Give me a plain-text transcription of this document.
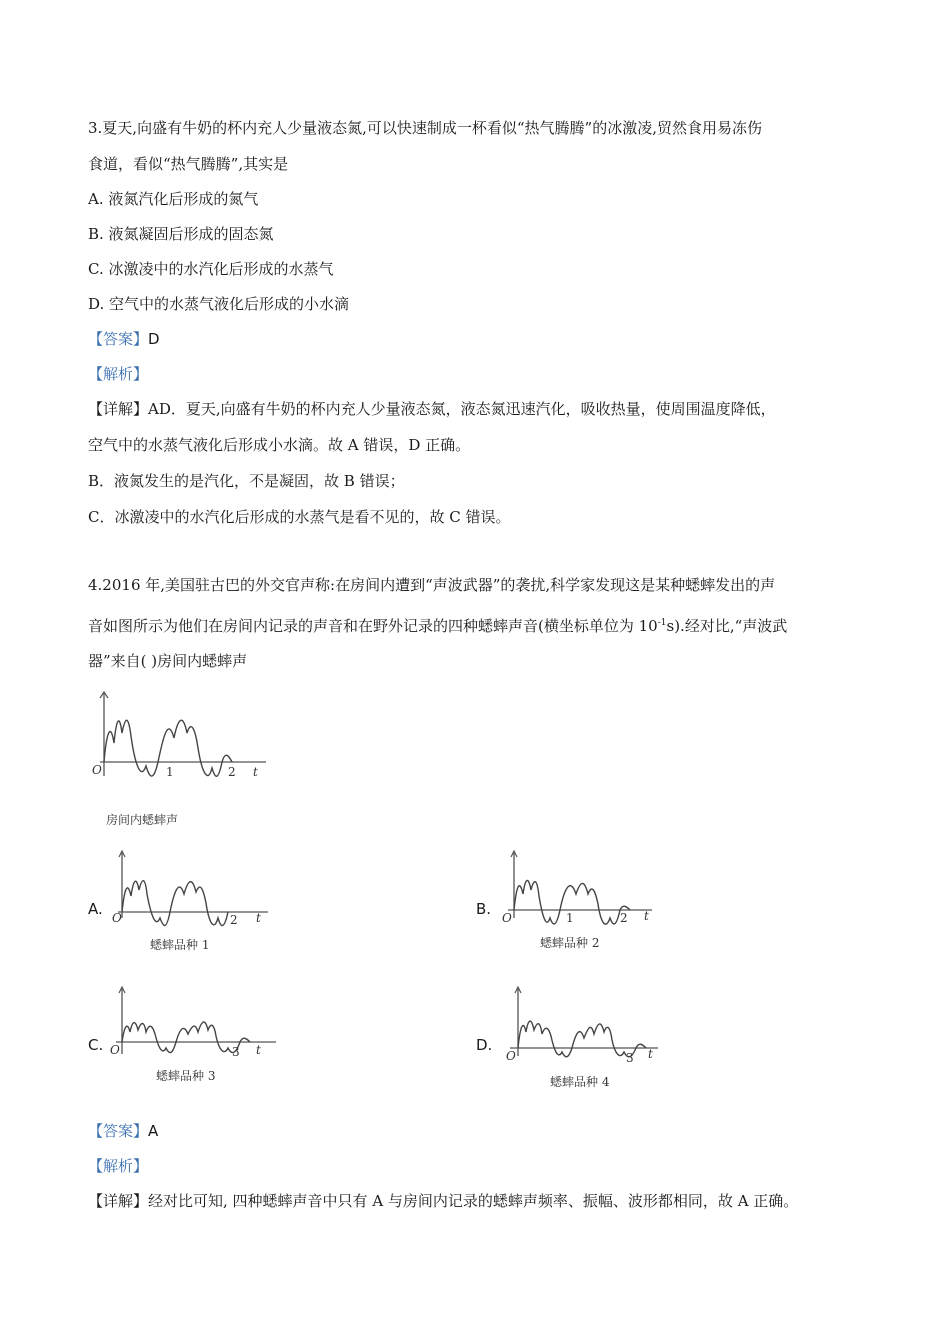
3.夏天,向盛有牛奶的杯内充人少量液态氮,可以快速制成一杯看似“热气腾腾”的冰激凌,贸然食用易冻伤
食道，看似“热气腾腾”,其实是
A. 液氮汽化后形成的氮气
B. 液氮凝固后形成的固态氮
C. 冰激凌中的水汽化后形成的水蒸气
D. 空气中的水蒸气液化后形成的小水滴
【答案】D
【解析】
【详解】AD．夏天,向盛有牛奶的杯内充人少量液态氮，液态氮迅速汽化，吸收热量，使周围温度降低，
空气中的水蒸气液化后形成小水滴。故 A 错误，D 正确。
B．液氮发生的是汽化，不是凝固，故 B 错误；
C．冰激凌中的水汽化后形成的水蒸气是看不见的，故 C 错误。
4.2016 年,美国驻古巴的外交官声称:在房间内遭到“声波武器”的袭扰,科学家发现这是某种蟋蟀发出的声
音如图所示为他们在房间内记录的声音和在野外记录的四种蟋蟀声音(横坐标单位为 $10^{-1}s$).经对比,“声波武
器”来自( )房间内蟋蟀声
O	1	2 t
房间内蟋蟀声
A. O	2 t
蟋蟀品种 1
B. O	1	2 t
蟋蟀品种 2
C. O	3 t
蟋蟀品种 3
D.
O	3 t
蟋蟀品种 4
【答案】A
【解析】
【详解】经对比可知, 四种蟋蟀声音中只有 A 与房间内记录的蟋蟀声频率、振幅、波形都相同，故 A 正确。
